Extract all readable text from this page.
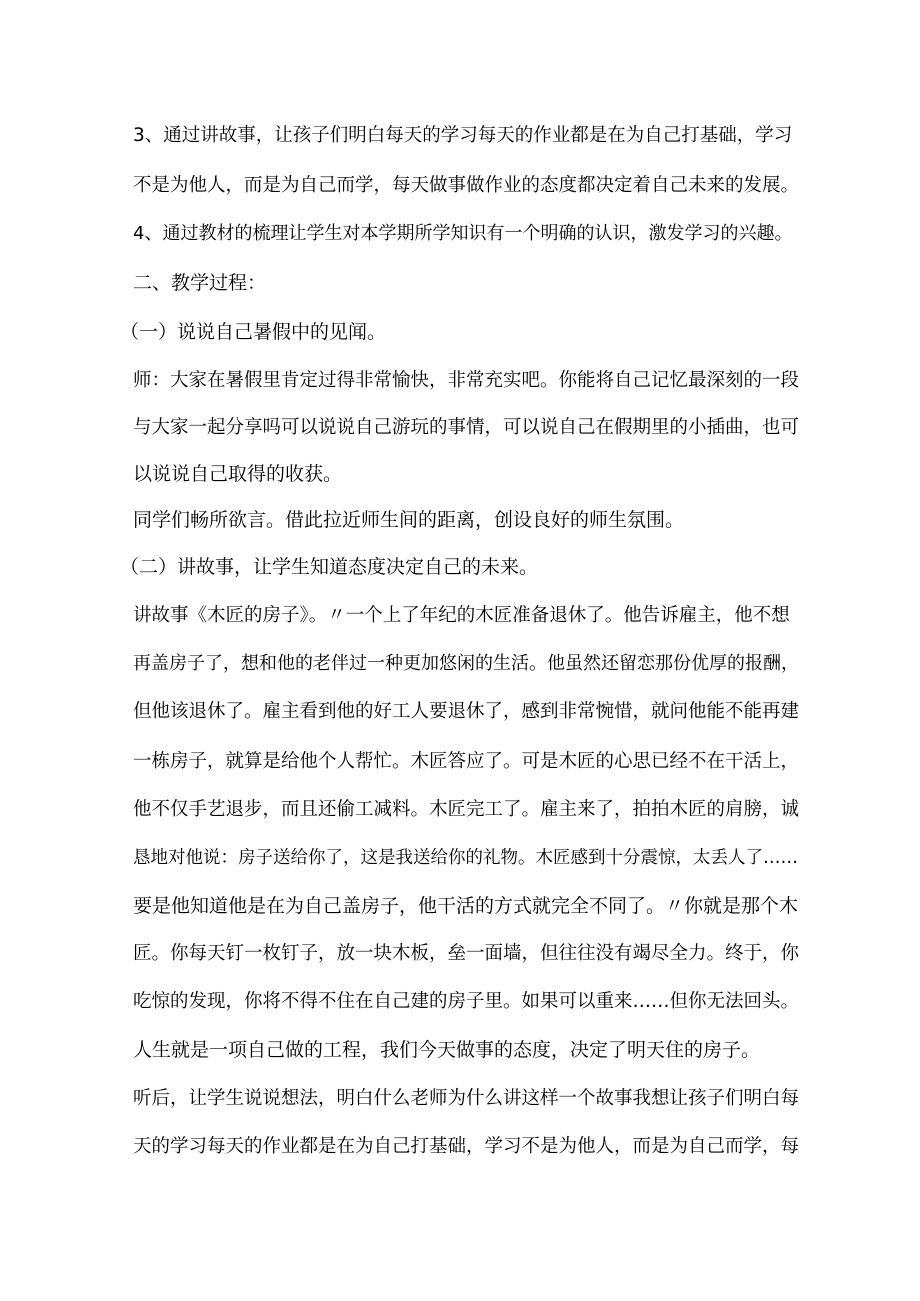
3、通过讲故事，让孩子们明白每天的学习每天的作业都是在为自己打基础，学习
不是为他人，而是为自己而学，每天做事做作业的态度都决定着自己未来的发展。
4、通过教材的梳理让学生对本学期所学知识有一个明确的认识，激发学习的兴趣。
二、教学过程：
（一）说说自己暑假中的见闻。
师：大家在暑假里肯定过得非常愉快，非常充实吧。你能将自己记忆最深刻的一段
与大家一起分享吗可以说说自己游玩的事情，可以说自己在假期里的小插曲，也可
以说说自己取得的收获。
同学们畅所欲言。借此拉近师生间的距离，创设良好的师生氛围。
（二）讲故事，让学生知道态度决定自己的未来。
讲故事《木匠的房子》。〃一个上了年纪的木匠准备退休了。他告诉雇主，他不想
再盖房子了，想和他的老伴过一种更加悠闲的生活。他虽然还留恋那份优厚的报酬，
但他该退休了。雇主看到他的好工人要退休了，感到非常惋惜，就问他能不能再建
一栋房子，就算是给他个人帮忙。木匠答应了。可是木匠的心思已经不在干活上，
他不仅手艺退步，而且还偷工减料。木匠完工了。雇主来了，拍拍木匠的肩膀，诚
恳地对他说：房子送给你了，这是我送给你的礼物。木匠感到十分震惊，太丢人了……
要是他知道他是在为自己盖房子，他干活的方式就完全不同了。〃你就是那个木
匠。你每天钉一枚钉子，放一块木板，垒一面墙，但往往没有竭尽全力。终于，你
吃惊的发现，你将不得不住在自己建的房子里。如果可以重来……但你无法回头。
人生就是一项自己做的工程，我们今天做事的态度，决定了明天住的房子。
听后，让学生说说想法，明白什么老师为什么讲这样一个故事我想让孩子们明白每
天的学习每天的作业都是在为自己打基础，学习不是为他人，而是为自己而学，每
